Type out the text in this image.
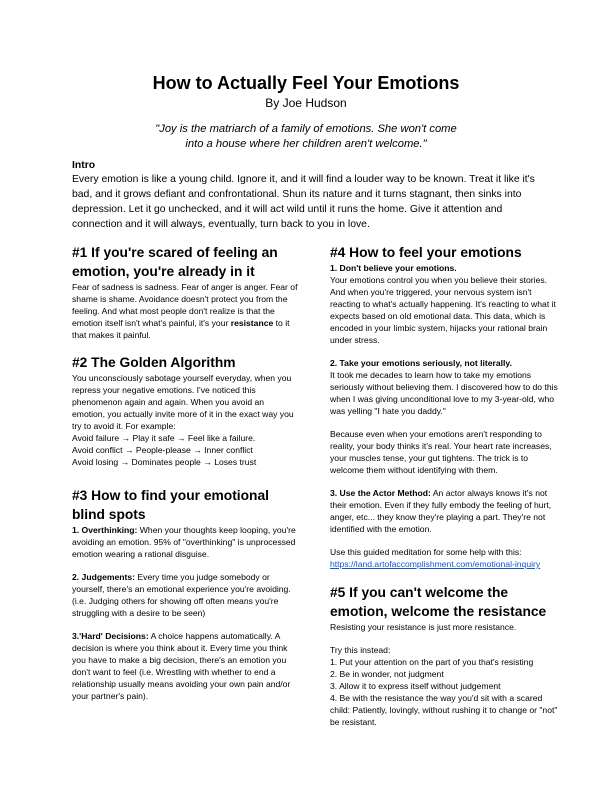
How to Actually Feel Your Emotions
By Joe Hudson
"Joy is the matriarch of a family of emotions. She won't come into a house where her children aren't welcome."
Intro
Every emotion is like a young child. Ignore it, and it will find a louder way to be known. Treat it like it's bad, and it grows defiant and confrontational. Shun its nature and it turns stagnant, then sinks into depression. Let it go unchecked, and it will act wild until it runs the home. Give it attention and connection and it will always, eventually, turn back to you in love.
#1 If you're scared of feeling an emotion, you're already in it

Fear of sadness is sadness. Fear of anger is anger. Fear of shame is shame. Avoidance doesn't protect you from the feeling. And what most people don't realize is that the emotion itself isn't what's painful, it's your resistance to it that makes it painful.

#2 The Golden Algorithm

You unconsciously sabotage yourself everyday, when you repress your negative emotions. I've noticed this phenomenon again and again. When you avoid an emotion, you actually invite more of it in the exact way you try to avoid it. For example:

Avoid failure → Play it safe → Feel like a failure.

Avoid conflict → People-please → Inner conflict

Avoid losing → Dominates people → Loses trust

#3 How to find your emotional blind spots

1. Overthinking: When your thoughts keep looping, you're avoiding an emotion. 95% of "overthinking" is unprocessed emotion wearing a rational disguise.

2. Judgements: Every time you judge somebody or yourself, there's an emotional experience you're avoiding. (i.e. Judging others for showing off often means you're struggling with a desire to be seen)

3.'Hard' Decisions: A choice happens automatically. A decision is where you think about it. Every time you think you have to make a big decision, there's an emotion you don't want to feel (i.e. Wrestling with whether to end a relationship usually means avoiding your own pain and/or your partner's pain).

#4 How to feel your emotions

1. Don't believe your emotions.

Your emotions control you when you believe their stories. And when you're triggered, your nervous system isn't reacting to what's actually happening. It's reacting to what it expects based on old emotional data. This data, which is encoded in your limbic system, hijacks your rational brain under stress.

2. Take your emotions seriously, not literally.

It took me decades to learn how to take my emotions seriously without believing them. I discovered how to do this when I was giving unconditional love to my 3-year-old, who was yelling "I hate you daddy."

Because even when your emotions aren't responding to reality, your body thinks it's real. Your heart rate increases, your muscles tense, your gut tightens. The trick is to welcome them without identifying with them.

3. Use the Actor Method: An actor always knows it's not their emotion. Even if they fully embody the feeling of hurt, anger, etc... they know they're playing a part. They're not identified with the emotion.

Use this guided meditation for some help with this:

https://land.artofaccomplishment.com/emotional-inquiry

#5 If you can't welcome the emotion, welcome the resistance

Resisting your resistance is just more resistance.

Try this instead:

1. Put your attention on the part of you that's resisting

2. Be in wonder, not judgment

3. Allow it to express itself without judgement

4. Be with the resistance the way you'd sit with a scared child: Patiently, lovingly, without rushing it to change or "not" be resistant.
